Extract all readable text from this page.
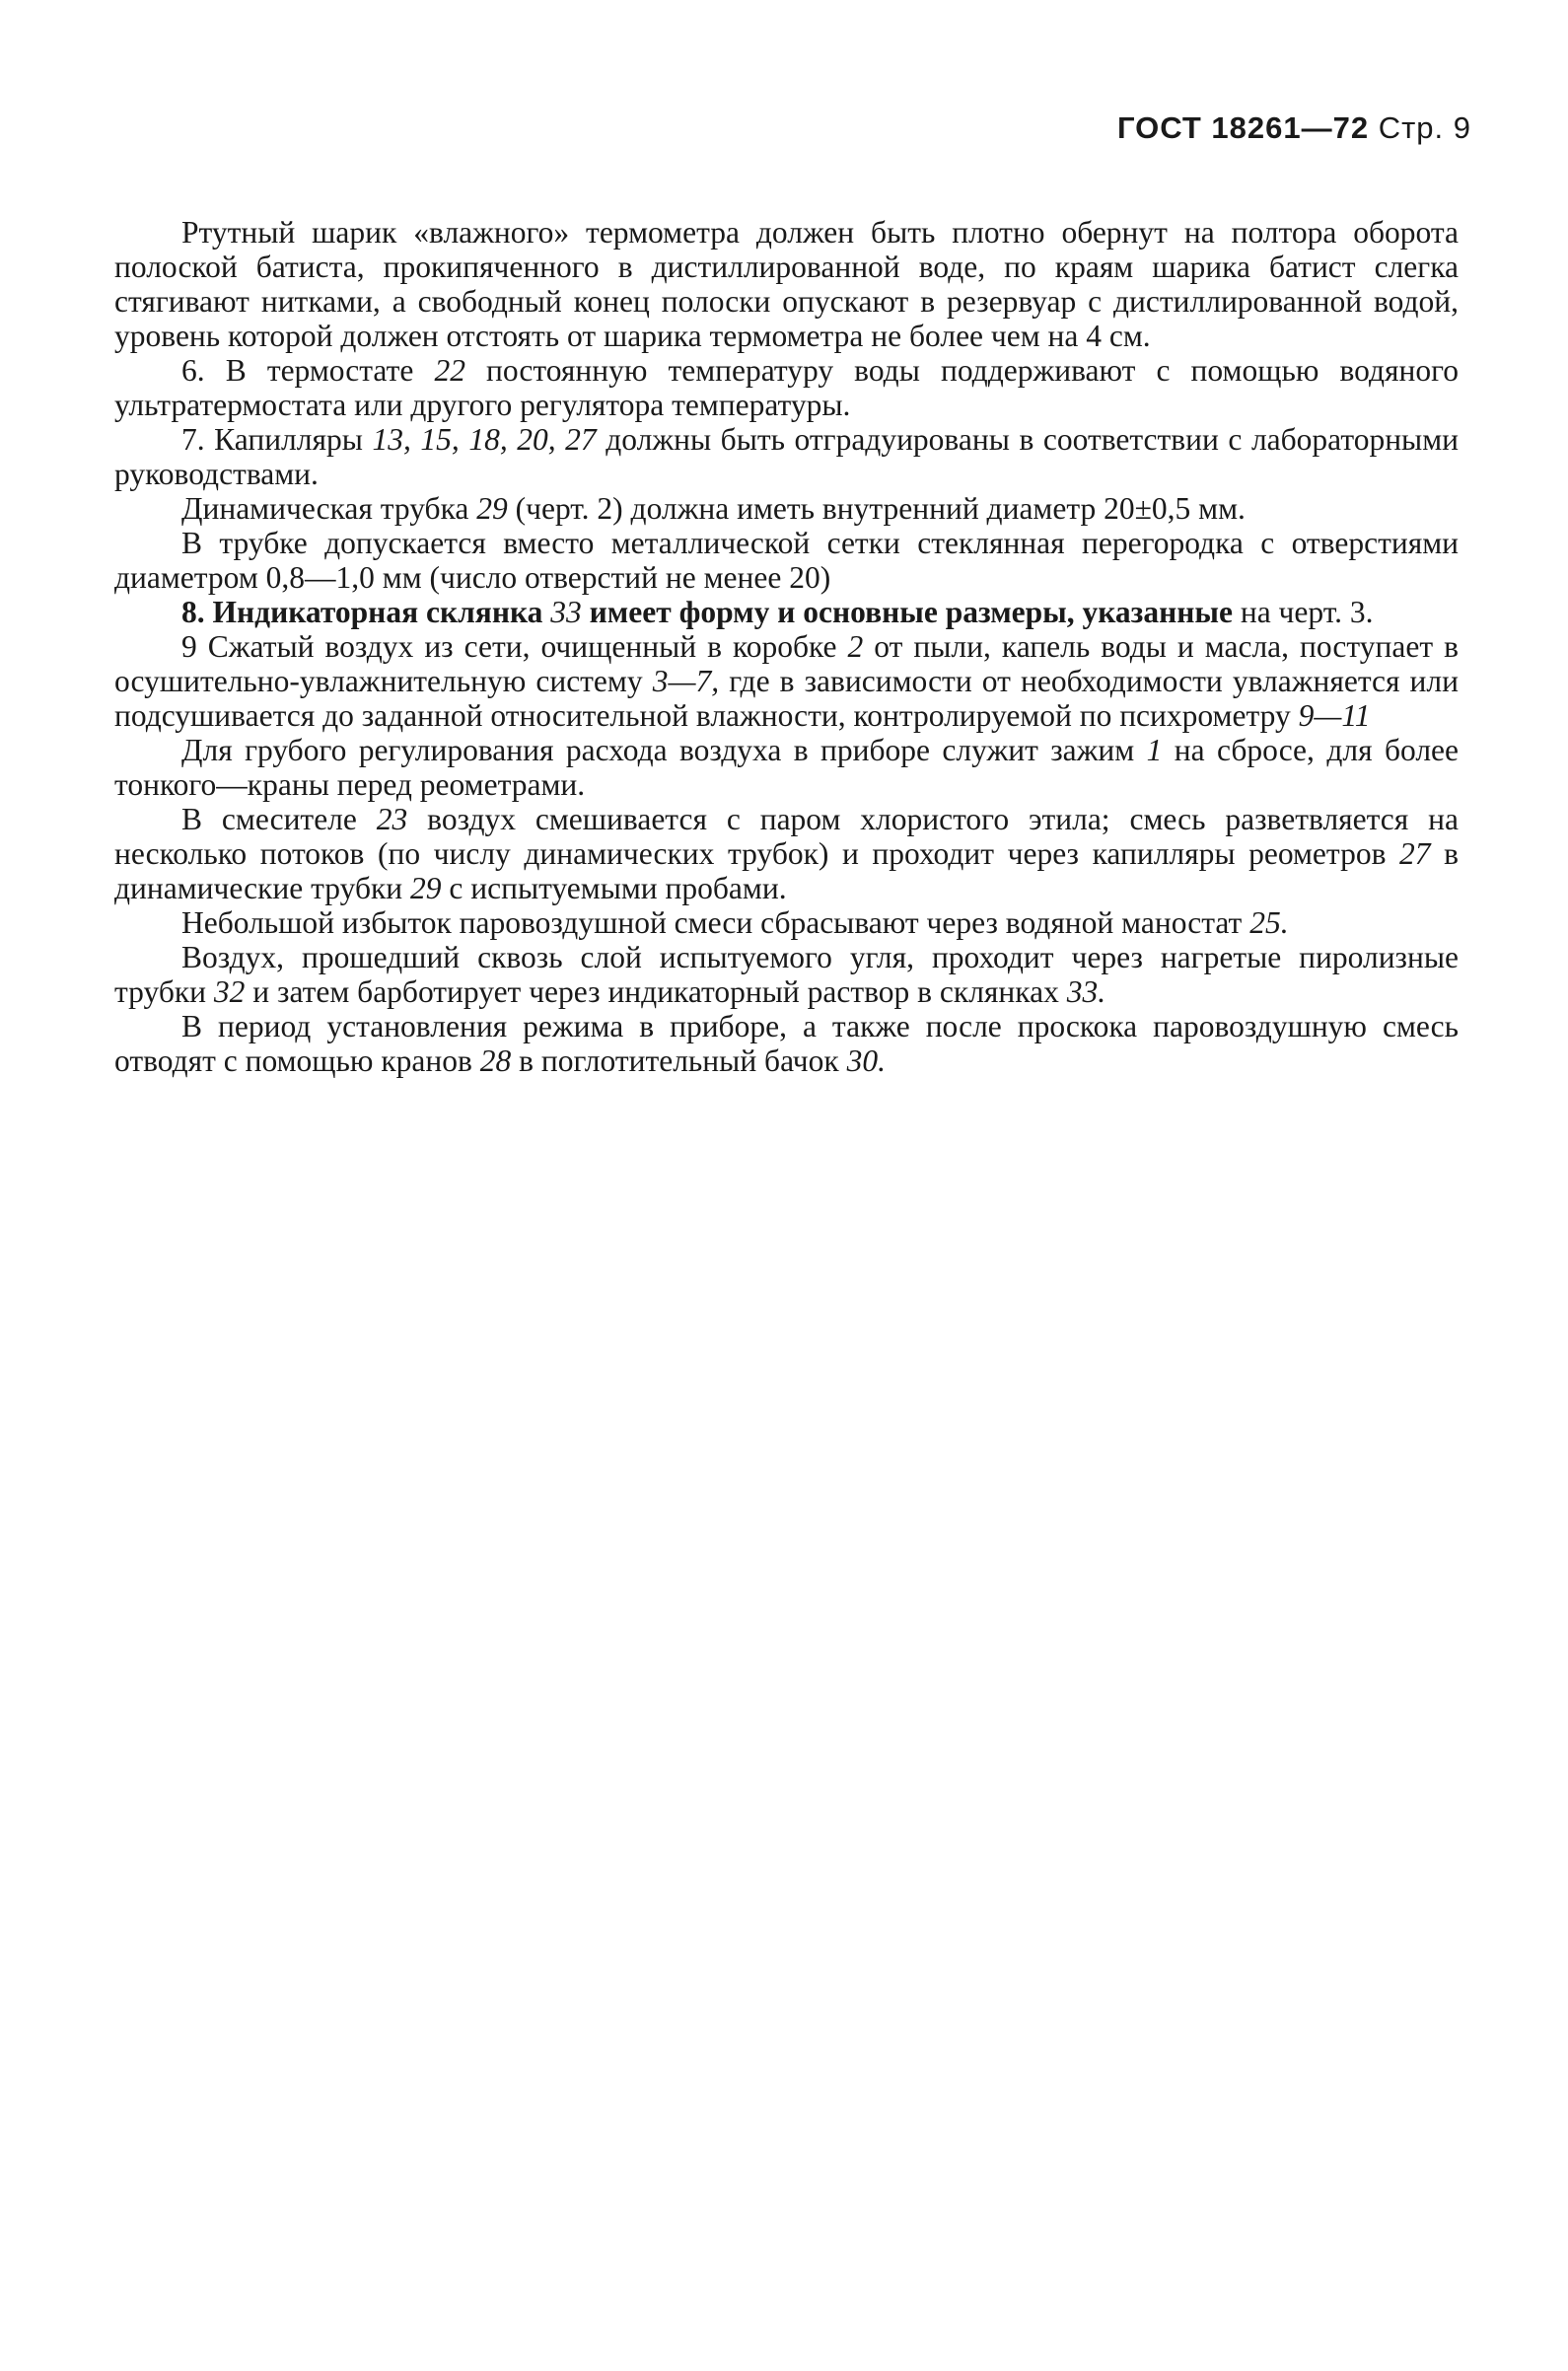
ГОСТ 18261—72 Стр. 9

Ртутный шарик «влажного» термометра должен быть плотно обернут на полтора оборота полоской батиста, прокипяченного в дистиллированной воде, по краям шарика батист слегка стягивают нитками, а свободный конец полоски опускают в резервуар с дистиллированной водой, уровень которой должен отстоять от шарика термометра не более чем на 4 см.

6. В термостате 22 постоянную температуру воды поддерживают с помощью водяного ультратермостата или другого регулятора температуры.

7. Капилляры 13, 15, 18, 20, 27 должны быть отградуированы в соответствии с лабораторными руководствами.

Динамическая трубка 29 (черт. 2) должна иметь внутренний диаметр 20±0,5 мм.

В трубке допускается вместо металлической сетки стеклянная перегородка с отверстиями диаметром 0,8—1,0 мм (число отверстий не менее 20)

8. Индикаторная склянка 33 имеет форму и основные размеры, указанные на черт. 3.

9 Сжатый воздух из сети, очищенный в коробке 2 от пыли, капель воды и масла, поступает в осушительно-увлажнительную систему 3—7, где в зависимости от необходимости увлажняется или подсушивается до заданной относительной влажности, контролируемой по психрометру 9—11

Для грубого регулирования расхода воздуха в приборе служит зажим 1 на сбросе, для более тонкого—краны перед реометрами.

В смесителе 23 воздух смешивается с паром хлористого этила; смесь разветвляется на несколько потоков (по числу динамических трубок) и проходит через капилляры реометров 27 в динамические трубки 29 с испытуемыми пробами.

Небольшой избыток паровоздушной смеси сбрасывают через водяной маностат 25.

Воздух, прошедший сквозь слой испытуемого угля, проходит через нагретые пиролизные трубки 32 и затем барботирует через индикаторный раствор в склянках 33.

В период установления режима в приборе, а также после проскока паровоздушную смесь отводят с помощью кранов 28 в поглотительный бачок 30.
